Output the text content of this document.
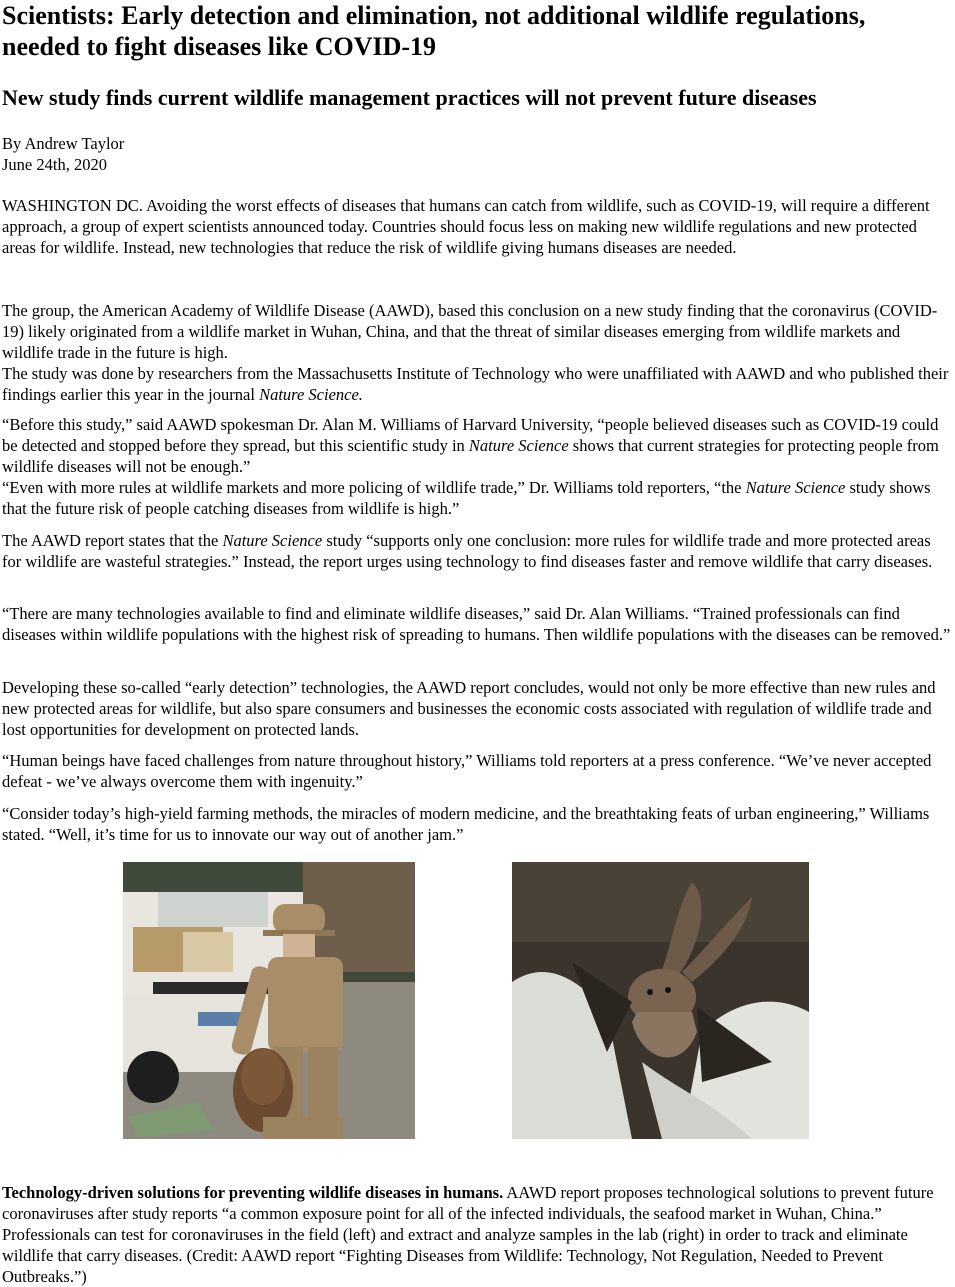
Scientists: Early detection and elimination, not additional wildlife regulations, needed to fight diseases like COVID-19
New study finds current wildlife management practices will not prevent future diseases
By Andrew Taylor
June 24th, 2020

WASHINGTON DC. Avoiding the worst effects of diseases that humans can catch from wildlife, such as COVID-19, will require a different approach, a group of expert scientists announced today. Countries should focus less on making new wildlife regulations and new protected areas for wildlife. Instead, new technologies that reduce the risk of wildlife giving humans diseases are needed.

The group, the American Academy of Wildlife Disease (AAWD), based this conclusion on a new study finding that the coronavirus (COVID-19) likely originated from a wildlife market in Wuhan, China, and that the threat of similar diseases emerging from wildlife markets and wildlife trade in the future is high.
The study was done by researchers from the Massachusetts Institute of Technology who were unaffiliated with AAWD and who published their findings earlier this year in the journal Nature Science.

“Before this study,” said AAWD spokesman Dr. Alan M. Williams of Harvard University, “people believed diseases such as COVID-19 could be detected and stopped before they spread, but this scientific study in Nature Science shows that current strategies for protecting people from wildlife diseases will not be enough.”
“Even with more rules at wildlife markets and more policing of wildlife trade,” Dr. Williams told reporters, “the Nature Science study shows that the future risk of people catching diseases from wildlife is high.”

The AAWD report states that the Nature Science study “supports only one conclusion: more rules for wildlife trade and more protected areas for wildlife are wasteful strategies.” Instead, the report urges using technology to find diseases faster and remove wildlife that carry diseases.

“There are many technologies available to find and eliminate wildlife diseases,” said Dr. Alan Williams. “Trained professionals can find diseases within wildlife populations with the highest risk of spreading to humans. Then wildlife populations with the diseases can be removed.”

Developing these so-called “early detection” technologies, the AAWD report concludes, would not only be more effective than new rules and new protected areas for wildlife, but also spare consumers and businesses the economic costs associated with regulation of wildlife trade and lost opportunities for development on protected lands.

“Human beings have faced challenges from nature throughout history,” Williams told reporters at a press conference. “We’ve never accepted defeat - we’ve always overcome them with ingenuity.”

“Consider today’s high-yield farming methods, the miracles of modern medicine, and the breathtaking feats of urban engineering,” Williams stated. “Well, it’s time for us to innovate our way out of another jam.”

Technology-driven solutions for preventing wildlife diseases in humans. AAWD report proposes technological solutions to prevent future coronaviruses after study reports “a common exposure point for all of the infected individuals, the seafood market in Wuhan, China.” Professionals can test for coronaviruses in the field (left) and extract and analyze samples in the lab (right) in order to track and eliminate wildlife that carry diseases. (Credit: AAWD report “Fighting Diseases from Wildlife: Technology, Not Regulation, Needed to Prevent Outbreaks.”)
